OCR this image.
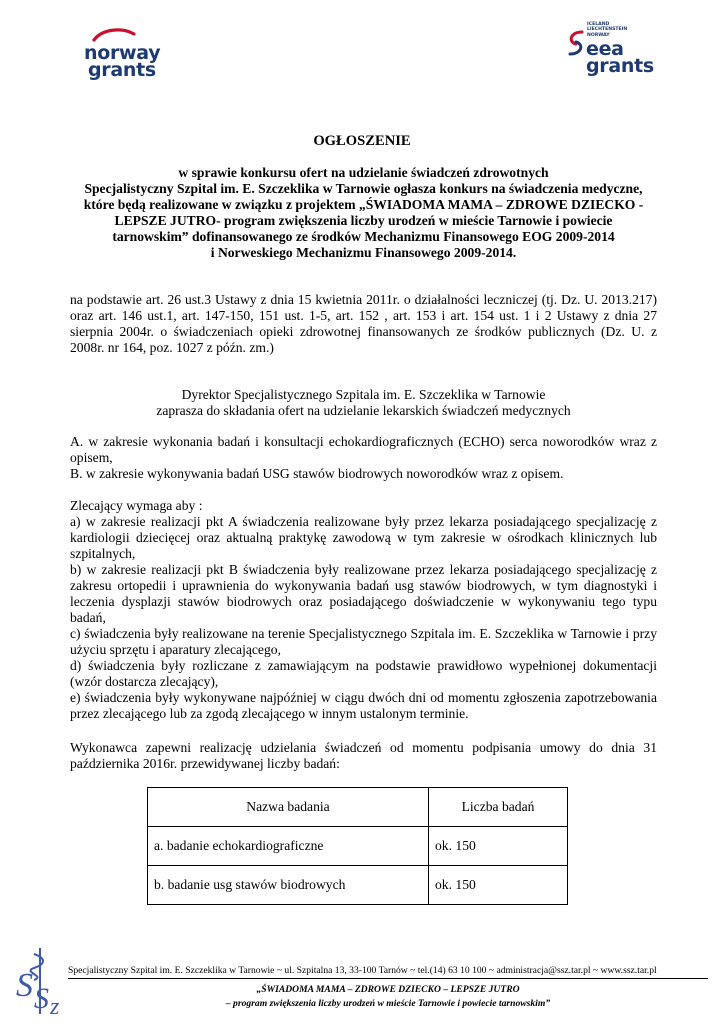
norway
grants
ICELAND
LIECHTENSTEIN
NORWAY
eea
grants
OGŁOSZENIE
w sprawie konkursu ofert na udzielanie świadczeń zdrowotnych
Specjalistyczny Szpital im. E. Szczeklika w Tarnowie ogłasza konkurs na świadczenia medyczne,
które będą realizowane w związku z projektem „ŚWIADOMA MAMA – ZDROWE DZIECKO -
LEPSZE JUTRO- program zwiększenia liczby urodzeń w mieście Tarnowie i powiecie
tarnowskim” dofinansowanego ze środków Mechanizmu Finansowego EOG 2009-2014
i Norweskiego Mechanizmu Finansowego 2009-2014.

na podstawie art. 26 ust.3 Ustawy z dnia 15 kwietnia 2011r. o działalności leczniczej (tj. Dz. U. 2013.217) oraz art. 146 ust.1, art. 147-150, 151 ust. 1-5, art. 152 , art. 153 i art. 154 ust. 1 i 2 Ustawy z dnia 27 sierpnia 2004r. o świadczeniach opieki zdrowotnej finansowanych ze środków publicznych (Dz. U. z 2008r. nr 164, poz. 1027 z późn. zm.)

Dyrektor Specjalistycznego Szpitala im. E. Szczeklika w Tarnowie
zaprasza do składania ofert na udzielanie lekarskich świadczeń medycznych

A. w zakresie wykonania badań i konsultacji echokardiograficznych (ECHO) serca noworodków wraz z opisem,

B. w zakresie wykonywania badań USG stawów biodrowych noworodków wraz z opisem.

Zlecający wymaga aby :

a) w zakresie realizacji pkt A świadczenia realizowane były przez lekarza posiadającego specjalizację z kardiologii dziecięcej oraz aktualną praktykę zawodową w tym zakresie w ośrodkach klinicznych lub szpitalnych,

b) w zakresie realizacji pkt B świadczenia były realizowane przez lekarza posiadającego specjalizację z zakresu ortopedii i uprawnienia do wykonywania badań usg stawów biodrowych, w tym diagnostyki i leczenia dysplazji stawów biodrowych oraz posiadającego doświadczenie w wykonywaniu tego typu badań,

c) świadczenia były realizowane na terenie Specjalistycznego Szpitala im. E. Szczeklika w Tarnowie i przy użyciu sprzętu i aparatury zlecającego,

d) świadczenia były rozliczane z zamawiającym na podstawie prawidłowo wypełnionej dokumentacji (wzór dostarcza zlecający),

e) świadczenia były wykonywane najpóźniej w ciągu dwóch dni od momentu zgłoszenia zapotrzebowania przez zlecającego lub za zgodą zlecającego w innym ustalonym terminie.

Wykonawca zapewni realizację udzielania świadczeń od momentu podpisania umowy do dnia 31 października 2016r. przewidywanej liczby badań:

Nazwa badania	Liczba badań
a. badanie echokardiograficzne	ok. 150
b. badanie usg stawów biodrowych	ok. 150
S S z
Specjalistyczny Szpital im. E. Szczeklika w Tarnowie ~ ul. Szpitalna 13, 33-100 Tarnów ~ tel.(14) 63 10 100 ~ administracja@ssz.tar.pl ~ www.ssz.tar.pl
„ŚWIADOMA MAMA – ZDROWE DZIECKO – LEPSZE JUTRO
– program zwiększenia liczby urodzeń w mieście Tarnowie i powiecie tarnowskim”
